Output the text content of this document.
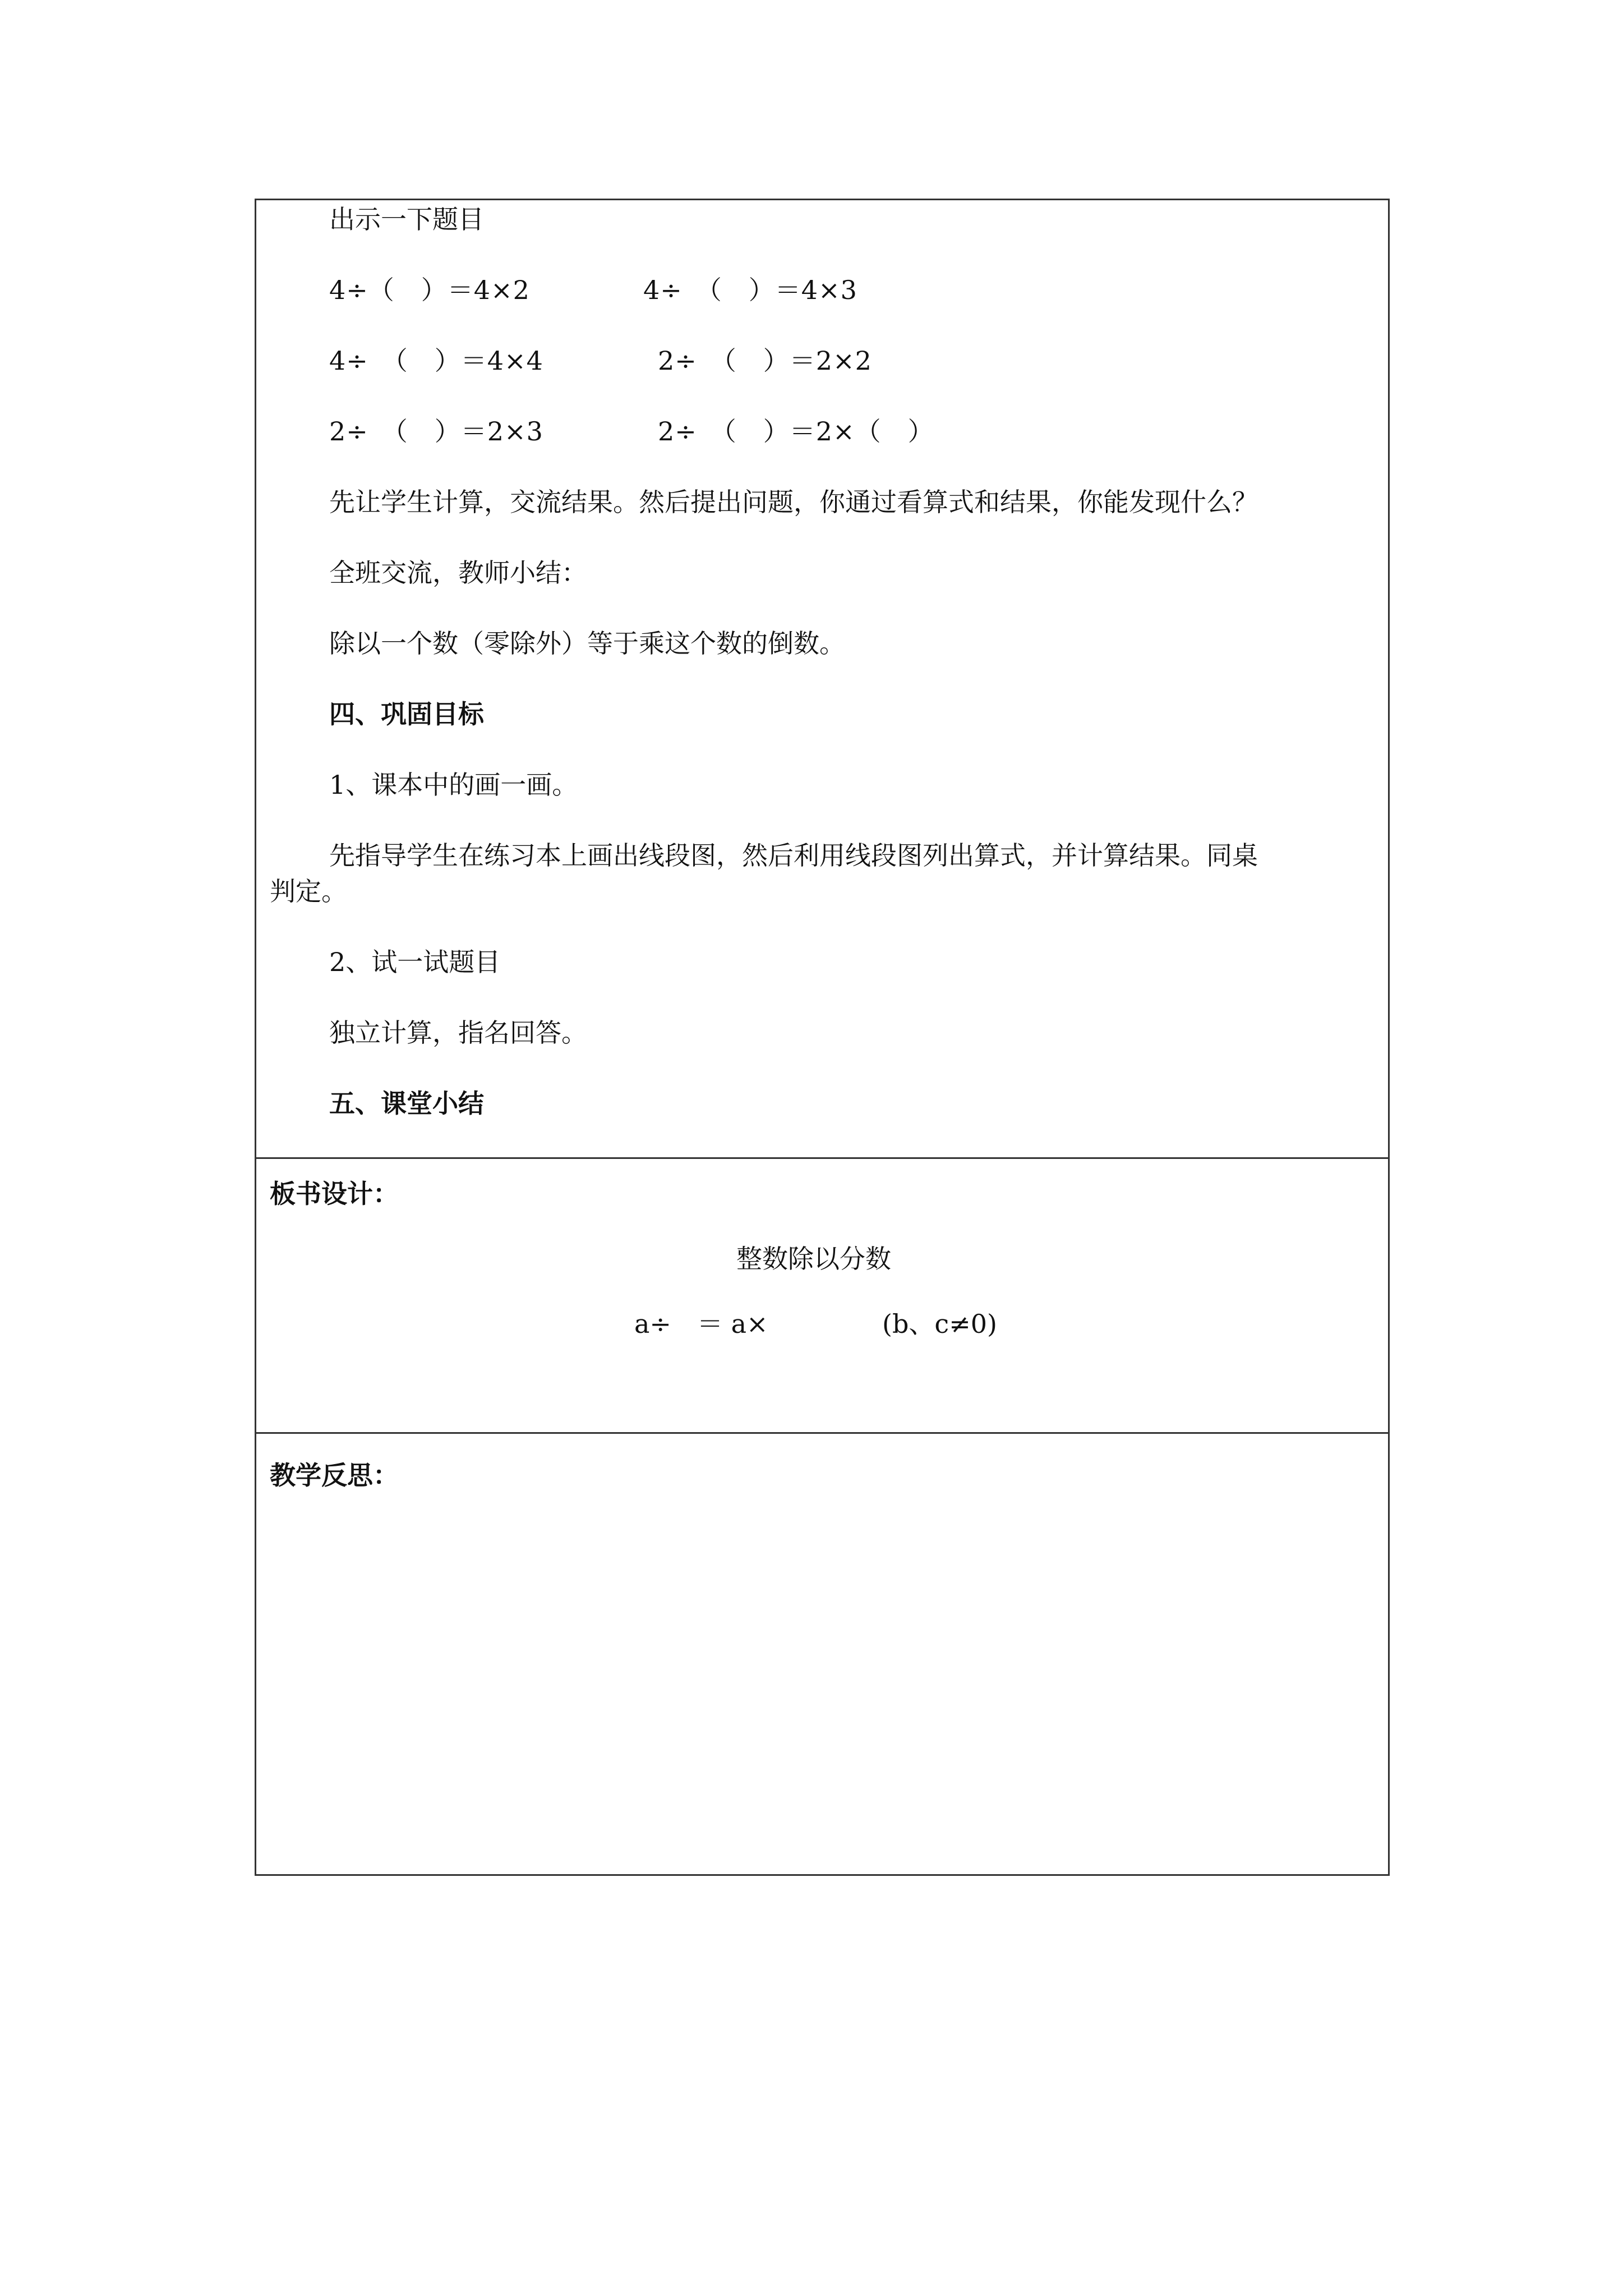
出示一下题目
4÷（　）＝4×2	4÷　（　）＝4×3
4÷　（　）＝4×4	2÷　（　）＝2×2
2÷　（　）＝2×3	2÷　（　）＝2×（　）
先让学生计算，交流结果。然后提出问题，你通过看算式和结果，你能发现什么？
全班交流，教师小结：
除以一个数（零除外）等于乘这个数的倒数。
四、巩固目标
1、课本中的画一画。
先指导学生在练习本上画出线段图，然后利用线段图列出算式，并计算结果。同桌
判定。
2、试一试题目
独立计算，指名回答。
五、课堂小结
板书设计：
整数除以分数
a÷　＝ a×	(b、c≠0)
教学反思：
